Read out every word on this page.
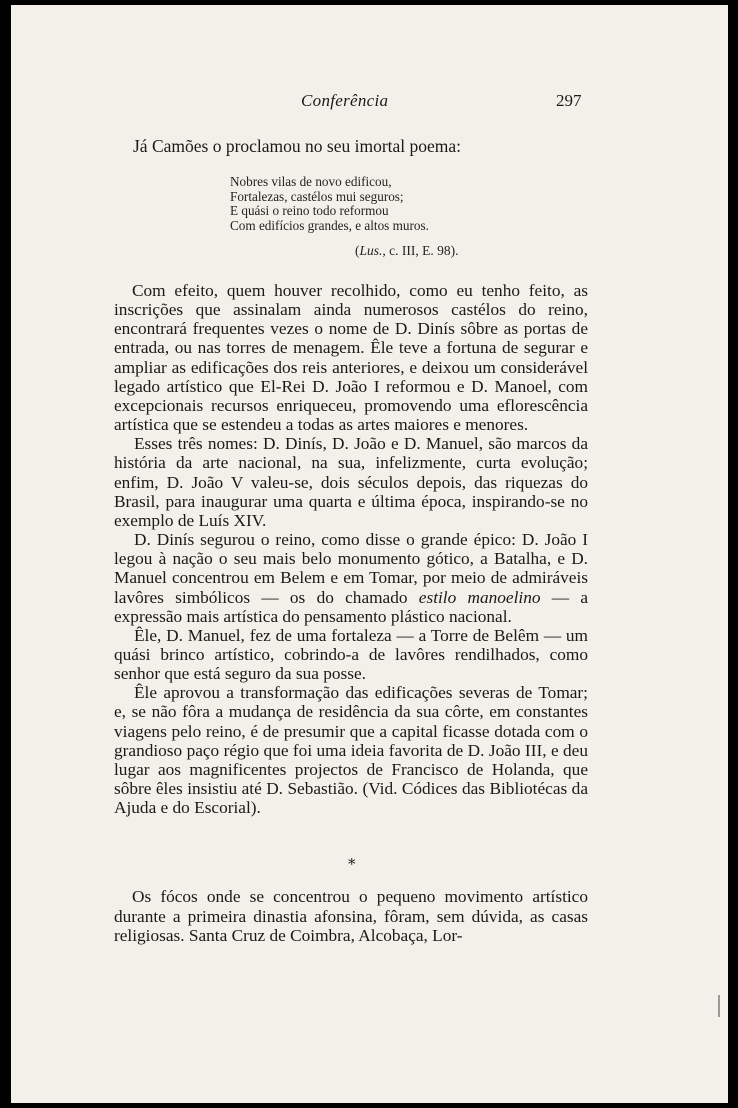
Conferência	297
Já Camões o proclamou no seu imortal poema:
Nobres vilas de novo edificou,
Fortalezas, castélos mui seguros;
E quási o reino todo reformou
Com edifícios grandes, e altos muros.
(Lus., c. III, E. 98).

Com efeito, quem houver recolhido, como eu tenho feito, as inscrições que assinalam ainda numerosos castélos do reino, encontrará frequentes vezes o nome de D. Dinís sôbre as portas de entrada, ou nas torres de menagem. Êle teve a fortuna de segurar e ampliar as edificações dos reis anteriores, e deixou um considerável legado artístico que El-Rei D. João I reformou e D. Manoel, com excepcionais recursos enriqueceu, promovendo uma eflorescência artística que se estendeu a todas as artes maiores e menores.

Esses três nomes: D. Dinís, D. João e D. Manuel, são marcos da história da arte nacional, na sua, infelizmente, curta evolução; enfim, D. João V valeu-se, dois séculos depois, das riquezas do Brasil, para inaugurar uma quarta e última época, inspirando-se no exemplo de Luís XIV.

D. Dinís segurou o reino, como disse o grande épico: D. João I legou à nação o seu mais belo monumento gótico, a Batalha, e D. Manuel concentrou em Belem e em Tomar, por meio de admiráveis lavôres simbólicos — os do chamado estilo manoelino — a expressão mais artística do pensamento plástico nacional.

Êle, D. Manuel, fez de uma fortaleza — a Torre de Belêm — um quási brinco artístico, cobrindo-a de lavôres rendilhados, como senhor que está seguro da sua posse.

Êle aprovou a transformação das edificações severas de Tomar; e, se não fôra a mudança de residência da sua côrte, em constantes viagens pelo reino, é de presumir que a capital ficasse dotada com o grandioso paço régio que foi uma ideia favorita de D. João III, e deu lugar aos magnificentes projectos de Francisco de Holanda, que sôbre êles insistiu até D. Sebastião. (Vid. Códices das Bibliotécas da Ajuda e do Escorial).

*

Os fócos onde se concentrou o pequeno movimento artístico durante a primeira dinastia afonsina, fôram, sem dúvida, as casas religiosas. Santa Cruz de Coimbra, Alcobaça, Lor-
